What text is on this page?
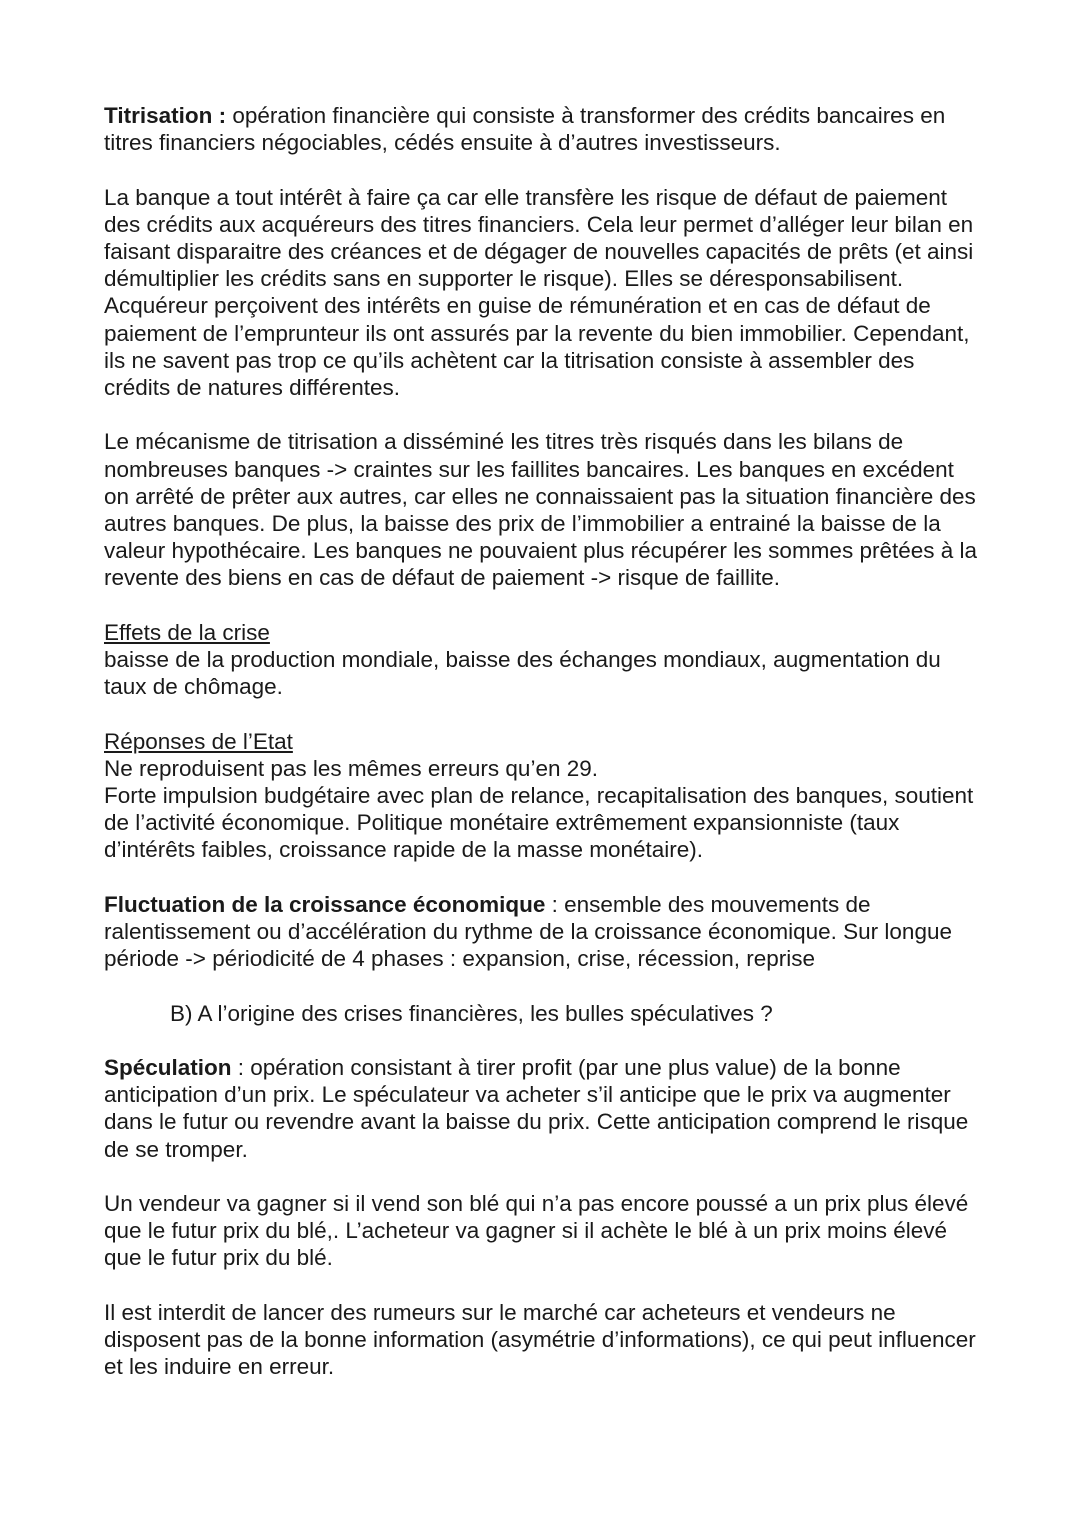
Titrisation : opération financière qui consiste à transformer des crédits bancaires en titres financiers négociables, cédés ensuite à d’autres investisseurs.

La banque a tout intérêt à faire ça car elle transfère les risque de défaut de paiement des crédits aux acquéreurs des titres financiers. Cela leur permet d’alléger leur bilan en faisant disparaitre des créances et de dégager de nouvelles capacités de prêts (et ainsi démultiplier les crédits sans en supporter le risque). Elles se déresponsabilisent. Acquéreur perçoivent des intérêts en guise de rémunération et en cas de défaut de paiement de l’emprunteur ils ont assurés par la revente du bien immobilier. Cependant, ils ne savent pas trop ce qu’ils achètent car la titrisation consiste à assembler des crédits de natures différentes.

Le mécanisme de titrisation a disséminé les titres très risqués dans les bilans de nombreuses banques -> craintes sur les faillites bancaires. Les banques en excédent on arrêté de prêter aux autres, car elles ne connaissaient pas la situation financière des autres banques. De plus, la baisse des prix de l’immobilier a entrainé la baisse de la valeur hypothécaire. Les banques ne pouvaient plus récupérer les sommes prêtées à la revente des biens en cas de défaut de paiement -> risque de faillite.

Effets de la crise

baisse de la production mondiale, baisse des échanges mondiaux, augmentation du taux de chômage.

Réponses de l’Etat

Ne reproduisent pas les mêmes erreurs qu’en 29.

Forte impulsion budgétaire avec plan de relance, recapitalisation des banques, soutient de l’activité économique. Politique monétaire extrêmement expansionniste (taux d’intérêts faibles, croissance rapide de la masse monétaire).

Fluctuation de la croissance économique : ensemble des mouvements de ralentissement ou d’accélération du rythme de la croissance économique. Sur longue période -> périodicité de 4 phases : expansion, crise, récession, reprise

B) A l’origine des crises financières, les bulles spéculatives ?

Spéculation : opération consistant à tirer profit (par une plus value) de la bonne anticipation d’un prix. Le spéculateur va acheter s’il anticipe que le prix va augmenter dans le futur ou revendre avant la baisse du prix. Cette anticipation comprend le risque de se tromper.

Un vendeur va gagner si il vend son blé qui n’a pas encore poussé a un prix plus élevé que le futur prix du blé,. L’acheteur va gagner si il achète le blé à un prix moins élevé que le futur prix du blé.

Il est interdit de lancer des rumeurs sur le marché car acheteurs et vendeurs ne disposent pas de la bonne information (asymétrie d’informations), ce qui peut influencer et les induire en erreur.
